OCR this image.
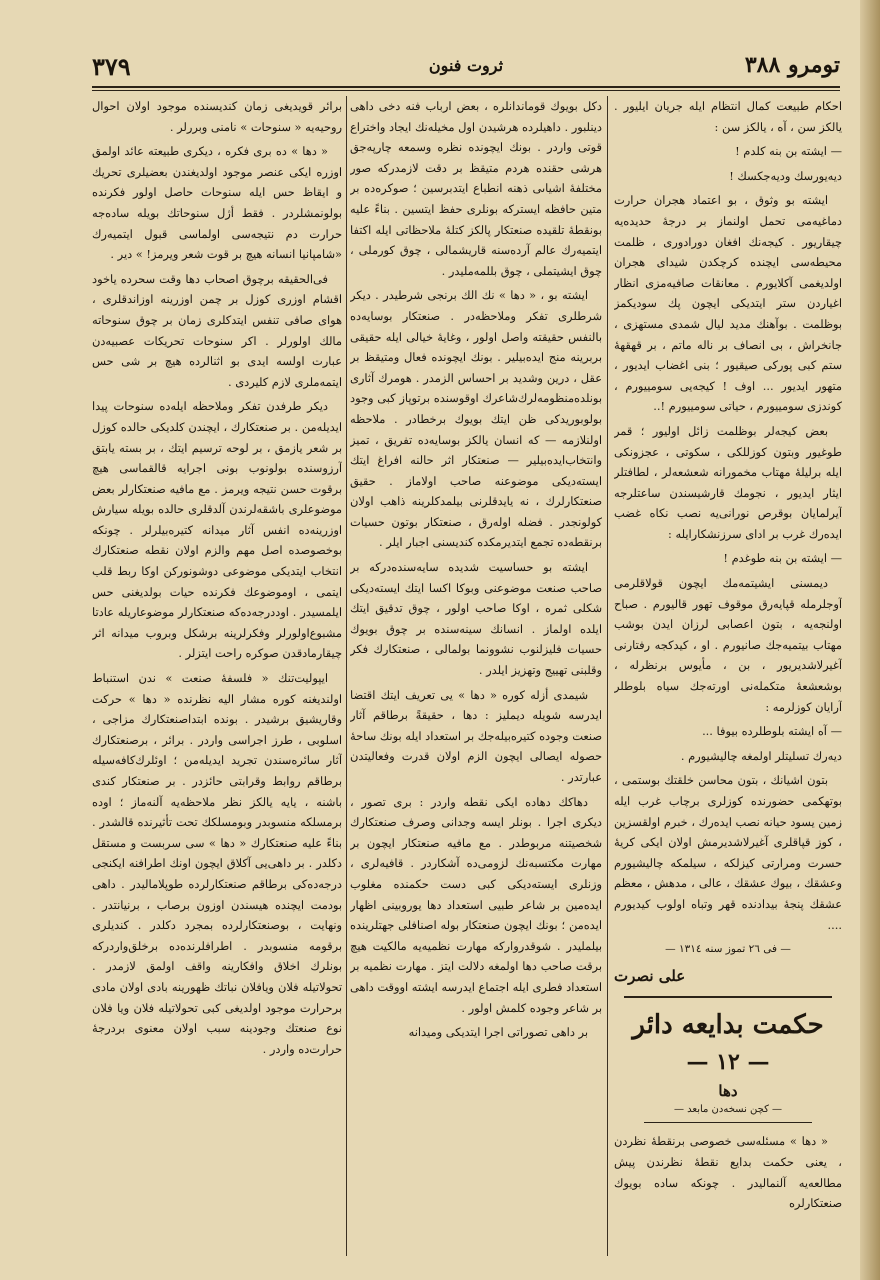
تومرو ٣٨٨
ثروت فنون
٣٧٩

احكام طبيعت كمال انتظام ايله جريان ايليور . يالكز سن ، آه ، يالكز سن :

— ايشته بن بنه كلدم !

ديه‌يورسك وديه‌جكسك !

ايشته بو وثوق ، بو اعتماد هجران حرارت دماغيه‌مى تحمل اولنماز بر درجهٔ حديده‌يه چيقار‌يور . كيجه‌نك افغان دورادورى ، ظلمت محيطه‌سى ايچنده كرچكدن شيداى هجران اولديغمى آكلايورم . معانقات صافيه‌مزى انظار اغياردن ستر ايتديكى ايچون پك سوديكمز بوظلمت . بوآهنك مديد ليال شمدى مستهزى ، جانخراش ، بى انصاف بر ناله ماتم ، بر قهقههٔ ستم كبى پوركى صيقيور ؛ بنى اغضاب ايديور ، متهور ايديور ... اوف ! كيجه‌يى سومييورم ، كوندزى سومييورم ، حياتى سومييورم !..

بعض كيجه‌لر بوظلمت زائل اوليور ؛ قمر طوغيور وبتون كوزللكى ، سكوتى ، عجزونكى ايله برليله‌ٔ مهتاب مخمورانه شعشعه‌لر ، لطافتلر ايثار ايديور ، نجومك قارشيسندن ساعتلرجه آيرلمايان بوقرص نورانى‌يه نصب نكاه غضب ايده‌رك غرب بر اداى سرزنشكارايله :

— ايشته بن بنه طوغدم !

ديمسنى ايشيتمه‌مك ايچون قولاقلرمى آوجلرمله قپايه‌رق موقوف تهور قاليورم . صباح اولنجه‌يه ، بتون اعصابى لرزان ايدن بوشب مهتاب بيتميه‌جك صانيورم . او ، كيدكجه رفتارنى آغيرلاشديريور ، بن ، مأيوس برنظرله ، بوشعشعهٔ متكمله‌نى اورته‌جك سياه بلوطلر آرايان كوزلرمه :

— آه ايشته بلوطلرده بيوفا ...

ديه‌رك تسليتلر اولمغه چاليشيورم .

بتون اشيانك ، بتون محاسن خلقتك بوستمى ، بوتهكمى حضورنده كوزلرى برچاب غرب ايله زمين يسود حيانه نصب ايده‌رك ، خبرم اولقسزين ، كوز قپاقلرى آغيرلاشديرمش اولان ايكى كريهٔ حسرت ومرارتى كيزلكه ، سيلمكه چاليشيورم وعشقك ، بيوك عشقك ، عالى ، مدهش ، معظم عشقك پنجهٔ بيدادنده قهر وتباه اولوب كيديورم ....

— فى ٢٦ تموز سنه ١٣١٤ —
على نصرت
حكمت بدايعه دائر
— ١٢ —
دها
— كچن نسخه‌دن مابعد —

« دها » مسئله‌سى خصوصى برنقطهٔ نظردن ، يعنى حكمت بدايع نقطهٔ نظرندن پيش مطالعه‌يه آلنمالیدر . چونكه ساده بويوك صنعتكارلره

دكل بويوك قوماندانلره ، بعض ارباب فنه دخى داهى دينلبور . داهيلرده هرشيدن اول مخيله‌نك ايجاد واختراع قوتى واردر . بونك ايچونده نظره وسمعه چارپه‌جق هرشى حقنده هردم متيقظ بر دقت لازمدركه صور مختلفهٔ اشياىى ذهنه انطباع ايتدبرسين ؛ صوكره‌ده بر متين حافظه ايستركه بونلرى حفظ ايتسين . بناءً عليه بونقطهٔ تلقيده صنعتكار پالكز كتلهٔ ملاحظاتى ايله اكتفا ايتميه‌رك عالم آرده‌سنه قاريشمالى ، چوق كورملى ، چوق ايشيتملى ، چوق بللمه‌مليدر .

ايشته بو ، « دها » نك الك برنجى شرطيدر . ديكر شرطلرى تفكر وملاحظه‌در . صنعتكار بوسايه‌ده بالنفس حقيقته واصل اولور ، وغايهٔ خيالى ايله حقيقى بربرينه منج ايده‌بيلير . بونك ايچونده فعال ومتيقظ بر عقل ، درين وشديد بر احساس الزمدر . هومرك آثارى بونلده‌منظومه‌لرك‌شاعرك اوقوسنده برتوپاز كبى وجود بولوبوريدكى ظن ايتك بويوك برخطادر . ملاحظه اولنلازمه — كه انسان يالكز بوسايه‌ده تفريق ، تميز وانتخاب‌ايده‌بيلير — صنعتكار اثر حالنه افراغ ايتك ايسته‌ديكى موضوعنه صاحب اولاماز . حقيق صنعتكارلرك ، نه يايدقلرنى بيلمدكلرينه ذاهب اولان كولونجدر . فضله اوله‌رق ، صنعتكار بوتون حسيات برنقطه‌ده تجمع ايتديرمكده كنديسنى اجبار ايلر .

ايشته بو حساسيت شديده سايه‌سنده‌دركه بر صاحب صنعت موضوعنى وبوكا اكسا ايتك ايسته‌ديكى شكلى ثمره ، اوكا صاحب اولور ، چوق تدقيق ايتك ايلده اولماز . انسانك سينه‌سنده بر چوق بويوك حسيات فليزلنوب نشوونما بولمالى ، صنعتكارك فكر وقلبنى تهييج وتهزيز ايلدر .

شيمدى أزله كوره « دها » يى تعريف ايتك اقتضا ايدرسه شويله ديمليز : دها ، حقيقةً برطاقم آثار صنعت وجوده كتيره‌بيله‌جك بر استعداد ايله بونك ساحهٔ حصوله ايصالى ايچون الزم اولان قدرت وفعاليتدن عبارتدر .

دهاكك دهاده ايكى نقطه واردر : برى تصور ، ديكرى اجرا . بونلر ايسه وجدانى وصرف صنعتكارك شخصيتنه مربوطدر . مع مافيه صنعتكار ايچون بر مهارت مكتسبه‌نك لزومى‌ده آشكاردر . قافيه‌لرى ، وزنلرى ايسته‌ديكى كبى دست حكمنده مغلوب ايده‌مين بر شاعر طبيى استعداد دها يوروبينى اظهار ايده‌من ؛ بونك ايچون صنعتكار بوله اصنافلى جهتلرينده بيلمليدر . شوقدرواركه مهارت نظميه‌يه مالكيت هيچ برقت صاحب دها اولمغه دلالت ايتز . مهارت نظميه بر استعداد فطرى ايله اجتماع ايدرسه ايشته اووقت داهى بر شاعر وجوده كلمش اولور .

بر داهى تصوراتى اجرا ايتديكى وميدانه

برائر قويديغى زمان كنديسنده موجود اولان احوال روحيه‌يه « سنوحات » نامنى وبررلر .

« دها » ده برى فكره ، ديكرى طبيعته عائد اولمق اوزره ايكى عنصر موجود اولديغندن بعضيلرى تحريك و ايقاظ حس ايله سنوحات حاصل اولور فكرنده بولونمشلردر . فقط أژل سنوحاتك بويله ساده‌جه حرارت دم نتيجه‌سى اولماسى قبول ايتميه‌رك «شامپانيا انسانه هيچ بر قوت شعر ويرمز! » دير .

فى‌الحقيقه برچوق اصحاب دها وقت سحرده ياخود اقشام اوزرى كوزل بر چمن اوزرينه اوزاندقلرى ، هواى صافى تنفس ايتدكلرى زمان بر چوق سنوحاته مالك اولورلر . اكر سنوحات تحريكات عصبيه‌دن عبارت اولسه ايدى بو اثنالرده هيچ بر شى حس ايتمه‌ملرى لازم كليردى .

ديكر طرفدن تفكر وملاحظه ايله‌ده سنوحات پيدا ايديله‌من . بر صنعتكارك ، ايچندن كلديكى حالده كوزل بر شعر يازمق ، بر لوحه ترسيم ايتك ، بر بسته يابتق آرزوسنده بولونوب بونى اجرايه قالقماسى هيچ برقوت حسن نتيجه ويرمز . مع مافيه صنعتكارلر بعض موضوعلرى باشقه‌لرندن آلدقلرى حالده بويله سيارش اوزرينه‌ده انفس آثار ميدانه كتيره‌بيلرلر . چونكه بوخصوصده اصل مهم والزم اولان نقطه صنعتكارك انتخاب ايتديكى موضوعى دوشونوركن اوكا ربط قلب ايتمى ، اوموضوعك فكرنده حيات بولديغنى حس ايلمسيدر . اوددرجه‌ده‌كه صنعتكارلر موضوعاريله عادتا مشبوع‌اولورلر وفكرلرينه برشكل وبروب ميدانه اثر چيقارمادقدن صوكره راحت ايتزلر .

ايپوليت‌تنك « فلسفهٔ صنعت » ندن استنباط اولندیغنه كوره مشار اليه نظرنده « دها » حركت وقاريشيق برشيدر . بونده ابتداصنعتكارك مزاجى ، اسلوبى ، طرز اجراسى واردر . برائر ، برصنعتكارك آثار سائره‌سندن تجريد ايديله‌من ؛ اوئلرك‌كافه‌سيله برطاقم روابط وقرابتى حائزدر . بر صنعتكار كندى باشنه ، يايه يالكز نظر ملاحظه‌يه آلنه‌ماز ؛ اوده برمسلكه منسوبدر وبومسلكك تحت تأثيرنده قالشدر . بناءً عليه صنعتكارك « دها » سى سربست و مستقل دكلدر . بر داهى‌يى آكلاق ايچون اونك اطرافنه ايكنجى درجه‌ده‌كى برطاقم صنعتكارلرده طوپلامالیدر . داهى بودمت ايچنده هيسندن اوزون برصاب ، برنيانتدر . ونهايت ، بوصنعتكارلرده بمجرد دكلدر . كنديلرى برقومه منسوبدر . اطرافلرنده‌ده برخلق‌واردركه بونلرك اخلاق وافكارينه واقف اولمق لازمدر . تحولاتيله فلان ويافلان نباتك ظهورينه بادى اولان مادى برحرارت موجود اولديغى كبى تحولاتيله فلان ويا فلان نوع صنعتك وجودينه سبب اولان معنوى بردرجهٔ حرارت‌ده واردر .
